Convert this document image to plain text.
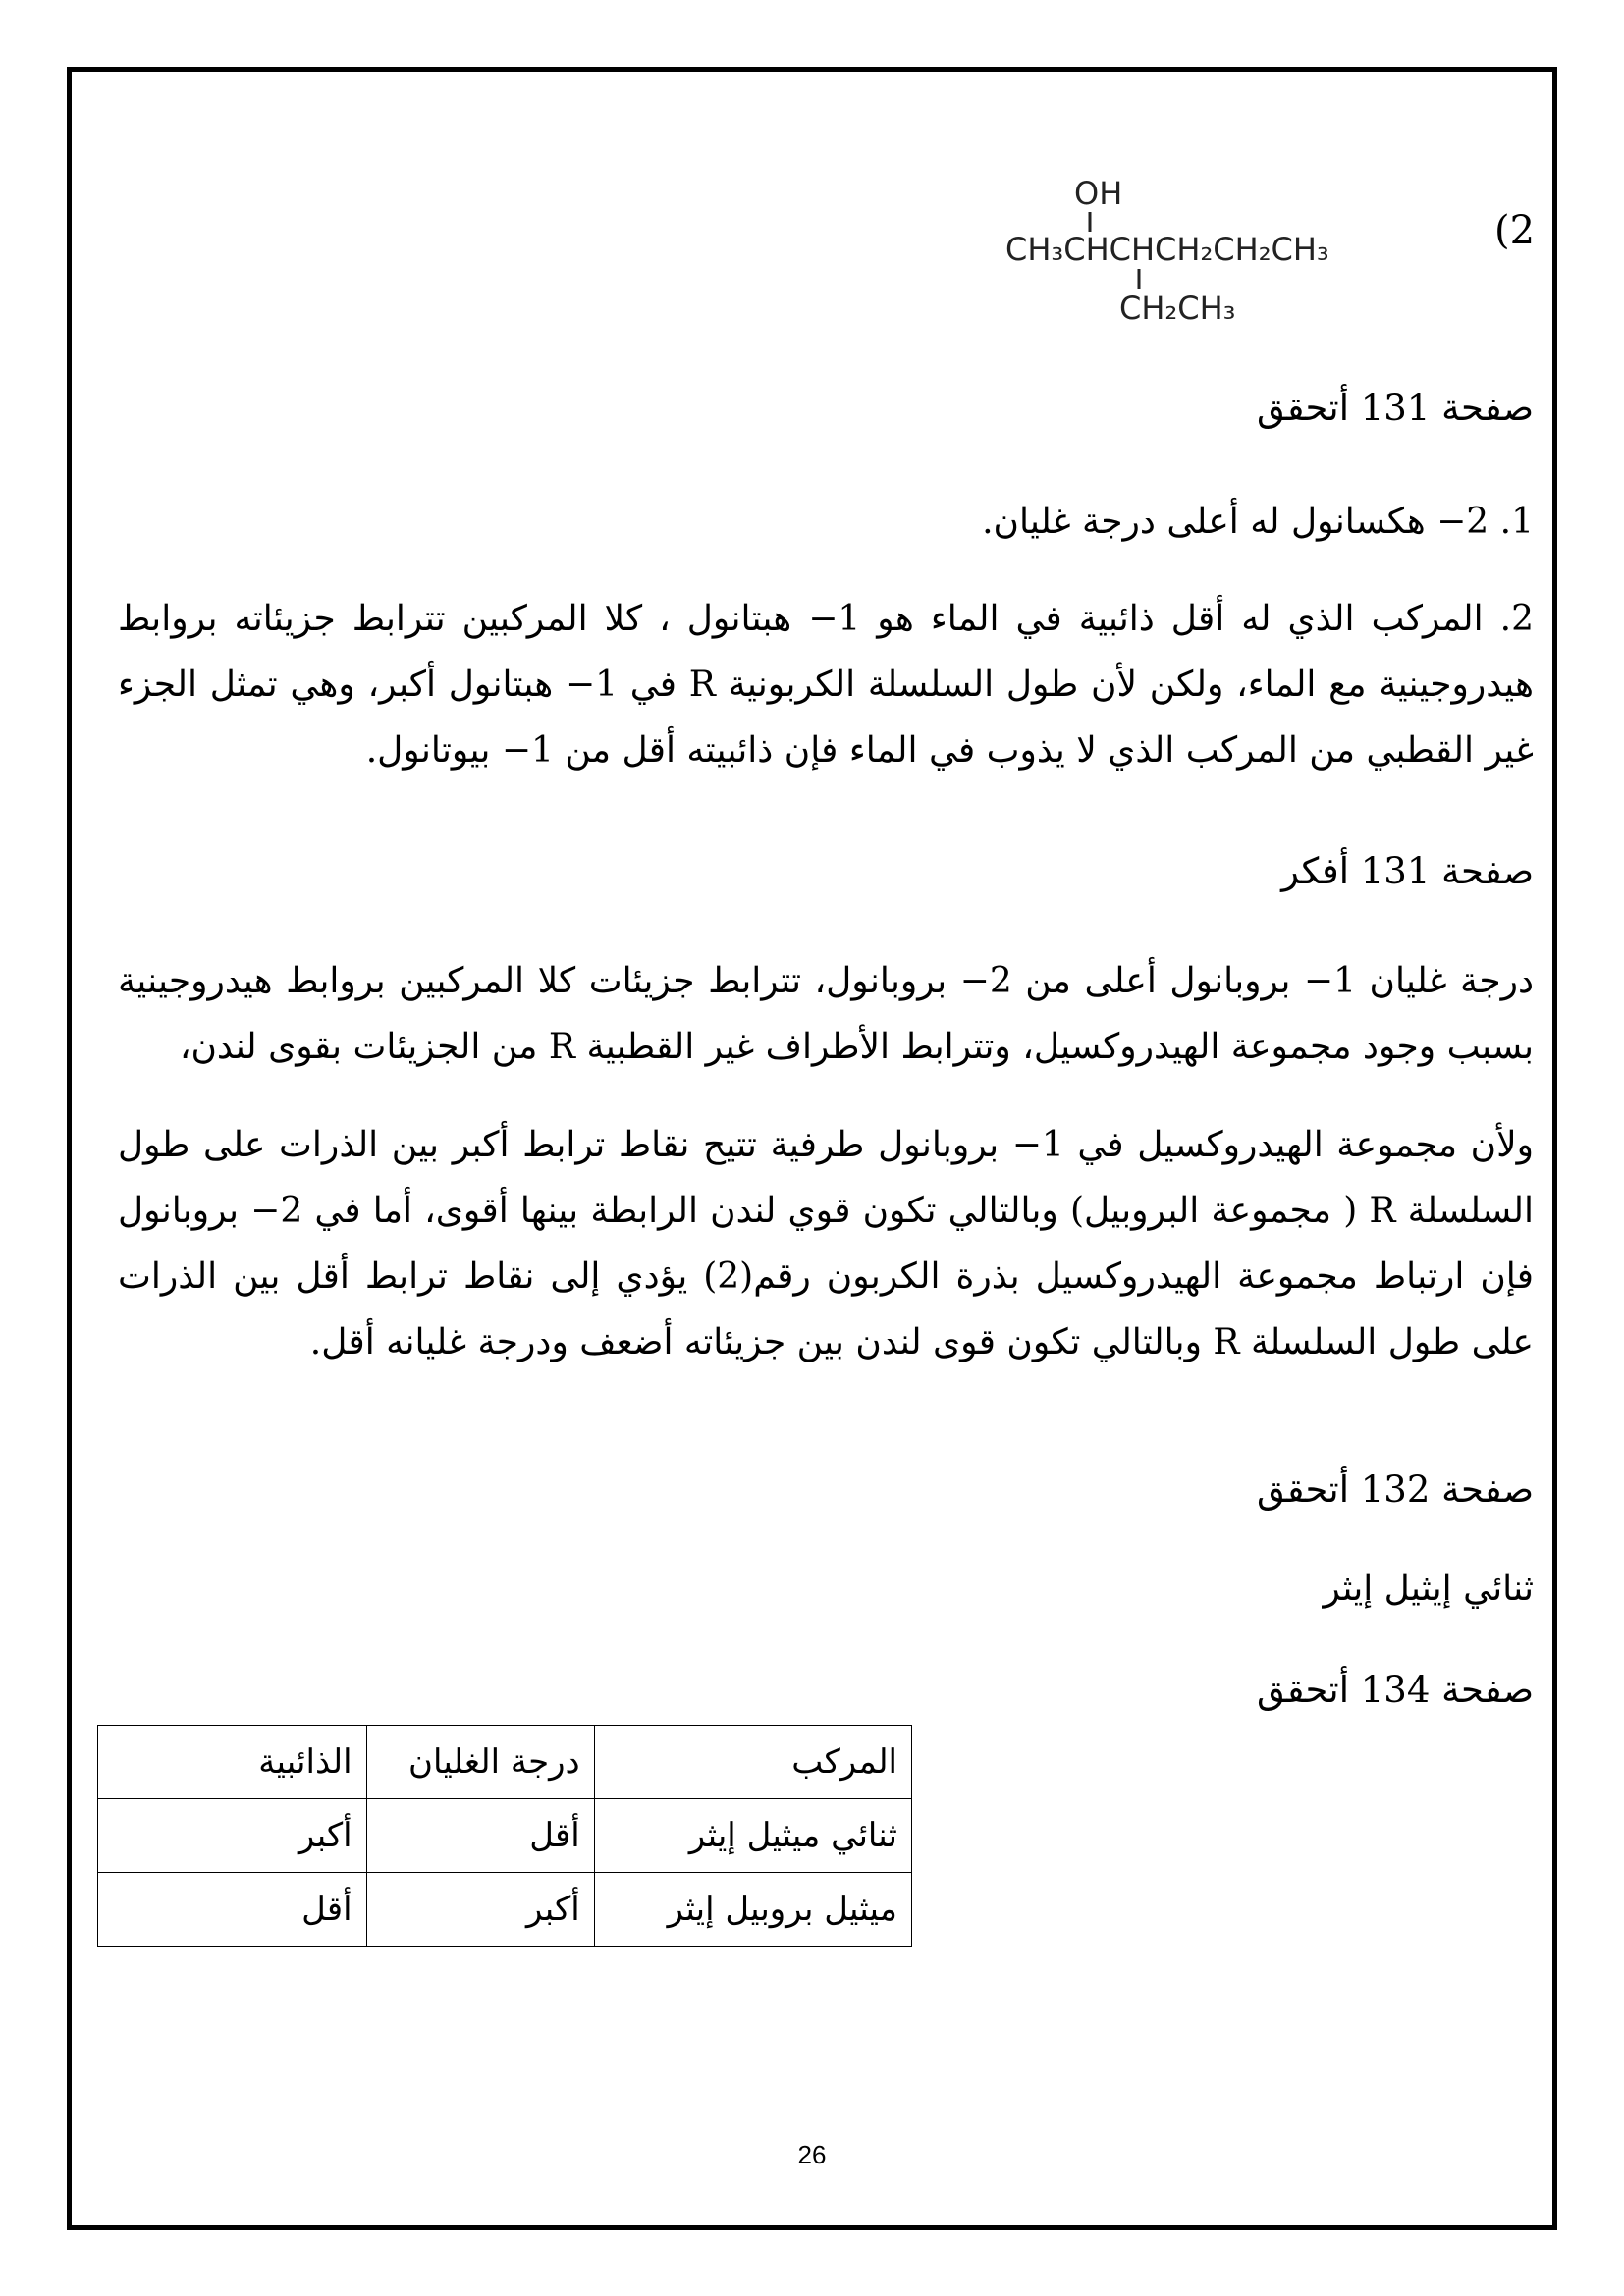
OH
CH₃CHCHCH₂CH₂CH₃
CH₂CH₃
(2
صفحة 131 أتحقق
1. 2− هكسانول له أعلى درجة غليان.
2. المركب الذي له أقل ذائبية في الماء هو 1− هبتانول ، كلا المركبين تترابط جزيئاته بروابط هيدروجينية مع الماء، ولكن لأن طول السلسلة الكربونية R في 1− هبتانول أكبر، وهي تمثل الجزء غير القطبي من المركب الذي لا يذوب في الماء فإن ذائبيته أقل من 1− بيوتانول.
صفحة 131 أفكر
درجة غليان 1− بروبانول أعلى من 2− بروبانول، تترابط جزيئات كلا المركبين بروابط هيدروجينية بسبب وجود مجموعة الهيدروكسيل، وتترابط الأطراف غير القطبية R من الجزيئات بقوى لندن،
ولأن مجموعة الهيدروكسيل في 1− بروبانول طرفية تتيح نقاط ترابط أكبر بين الذرات على طول السلسلة R ( مجموعة البروبيل) وبالتالي تكون قوي لندن الرابطة بينها أقوى، أما في 2− بروبانول فإن ارتباط مجموعة الهيدروكسيل بذرة الكربون رقم(2) يؤدي إلى نقاط ترابط أقل بين الذرات على طول السلسلة R وبالتالي تكون قوى لندن بين جزيئاته أضعف ودرجة غليانه أقل.
صفحة 132 أتحقق
ثنائي إيثيل إيثر
صفحة 134 أتحقق
المركب	درجة الغليان	الذائبية
ثنائي ميثيل إيثر	أقل	أكبر
ميثيل بروبيل إيثر	أكبر	أقل
26
